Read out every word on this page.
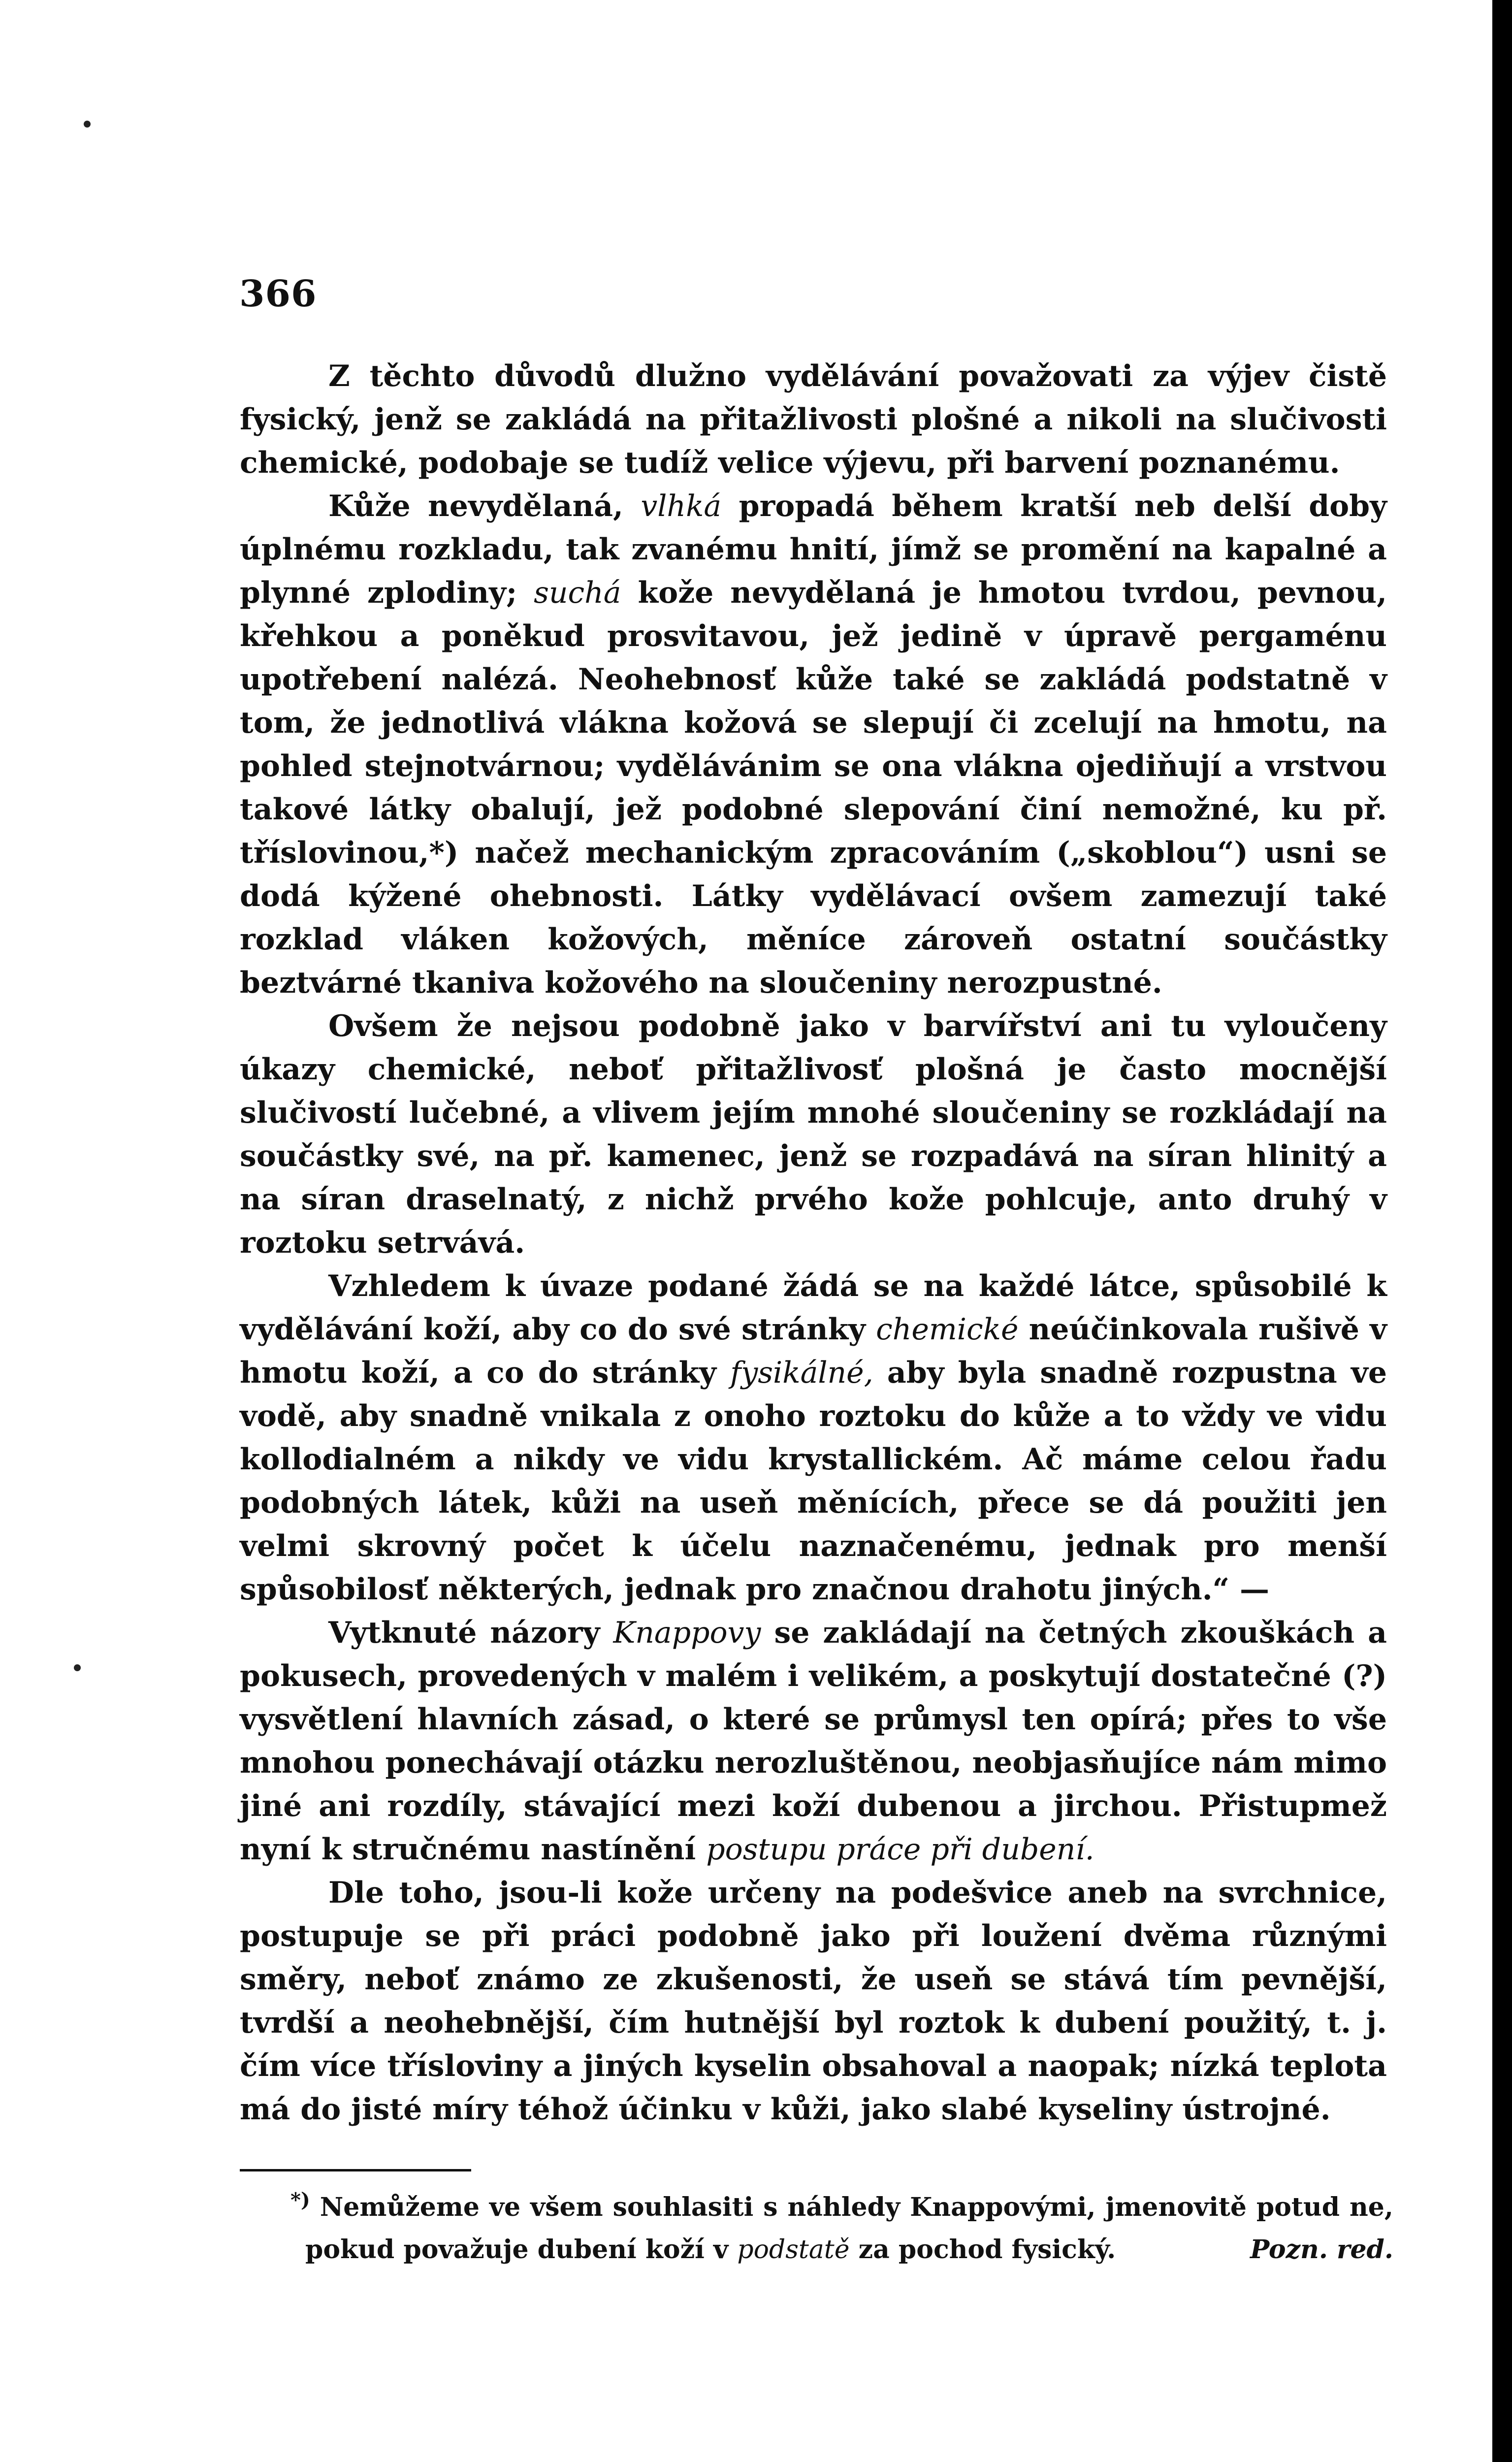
366

Z těchto důvodů dlužno vydělávání považovati za výjev čistě fysický, jenž se zakládá na přitažlivosti plošné a nikoli na slučivosti chemické, podobaje se tudíž velice výjevu, při barvení poznanému.

Kůže nevydělaná, vlhká propadá během kratší neb delší doby úplnému rozkladu, tak zvanému hnití, jímž se promění na kapalné a plynné zplodiny; suchá kože nevydělaná je hmotou tvrdou, pevnou, křehkou a poněkud prosvitavou, jež jedině v úpravě pergaménu upotřebení nalézá. Neohebnosť kůže také se zakládá podstatně v tom, že jednotlivá vlákna kožová se slepují či zcelují na hmotu, na pohled stejnotvárnou; vydělávánim se ona vlákna ojediňují a vrstvou takové látky obalují, jež podobné slepování činí nemožné, ku př. tříslovinou,*) načež mechanickým zpracováním („skoblou“) usni se dodá kýžené ohebnosti. Látky vydělávací ovšem zamezují také rozklad vláken kožových, měníce zároveň ostatní součástky beztvárné tkaniva kožového na sloučeniny nerozpustné.

Ovšem že nejsou podobně jako v barvířství ani tu vyloučeny úkazy chemické, neboť přitažlivosť plošná je často mocnější slučivostí lučebné, a vlivem jejím mnohé sloučeniny se rozkládají na součástky své, na př. kamenec, jenž se rozpadává na síran hlinitý a na síran draselnatý, z nichž prvého kože pohlcuje, anto druhý v roztoku setrvává.

Vzhledem k úvaze podané žádá se na každé látce, spůsobilé k vydělávání koží, aby co do své stránky chemické neúčinkovala rušivě v hmotu koží, a co do stránky fysikálné, aby byla snadně rozpustna ve vodě, aby snadně vnikala z onoho roztoku do kůže a to vždy ve vidu kollodialném a nikdy ve vidu krystallickém. Ač máme celou řadu podobných látek, kůži na useň měnících, přece se dá použiti jen velmi skrovný počet k účelu naznačenému, jednak pro menší spůsobilosť některých, jednak pro značnou drahotu jiných.“ —

Vytknuté názory Knappovy se zakládají na četných zkouškách a pokusech, provedených v malém i velikém, a poskytují dostatečné (?) vysvětlení hlavních zásad, o které se průmysl ten opírá; přes to vše mnohou ponechávají otázku nerozluštěnou, neobjasňujíce nám mimo jiné ani rozdíly, stávající mezi koží dubenou a jirchou. Přistupmež nyní k stručnému nastínění postupu práce při dubení.

Dle toho, jsou-li kože určeny na podešvice aneb na svrchnice, postupuje se při práci podobně jako při loužení dvěma různými směry, neboť známo ze zkušenosti, že useň se stává tím pevnější, tvrdší a neohebnější, čím hutnější byl roztok k dubení použitý, t. j. čím více tříslоviny a jiných kyselin obsahoval a naopak; nízká teplota má do jisté míry téhož účinku v kůži, jako slabé kyseliny ústrojné.

*) Nemůžeme ve všem souhlasiti s náhledy Knappovými, jmenovitě potud ne, pokud považuje dubení koží v podstatě za pochod fysický.	Pozn. red.
